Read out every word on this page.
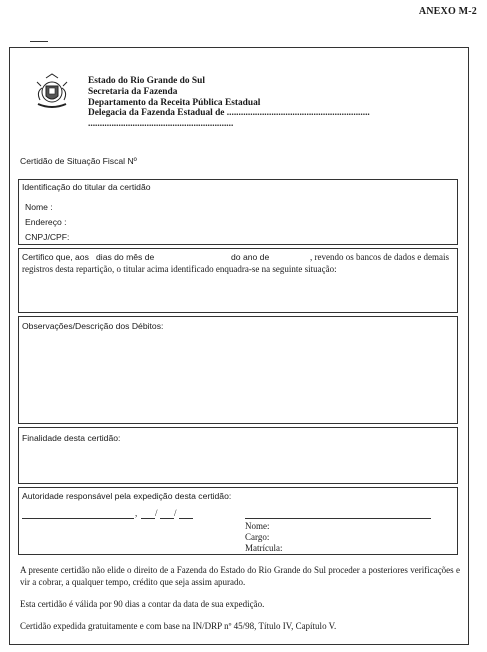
ANEXO M-2
Estado do Rio Grande do Sul
Secretaria da Fazenda
Departamento da Receita Pública Estadual
Delegacia da Fazenda Estadual de .............................................................
..............................................................
Certidão de Situação Fiscal Nº
Identificação do titular da certidão
Nome :
Endereço :
CNPJ/CPF:
Certifico que, aos dias do mês de	do ano de	, revendo os bancos de dados e demais
registros desta repartição, o titular acima identificado enquadra-se na seguinte situação:
Observações/Descrição dos Débitos:
Finalidade desta certidão:
Autoridade responsável pela expedição desta certidão:
, / /
Nome:
Cargo:
Matrícula:
A presente certidão não elide o direito de a Fazenda do Estado do Rio Grande do Sul proceder a posteriores verificações e vir a cobrar, a qualquer tempo, crédito que seja assim apurado.
Esta certidão é válida por 90 dias a contar da data de sua expedição.
Certidão expedida gratuitamente e com base na IN/DRP nº 45/98, Título IV, Capítulo V.
